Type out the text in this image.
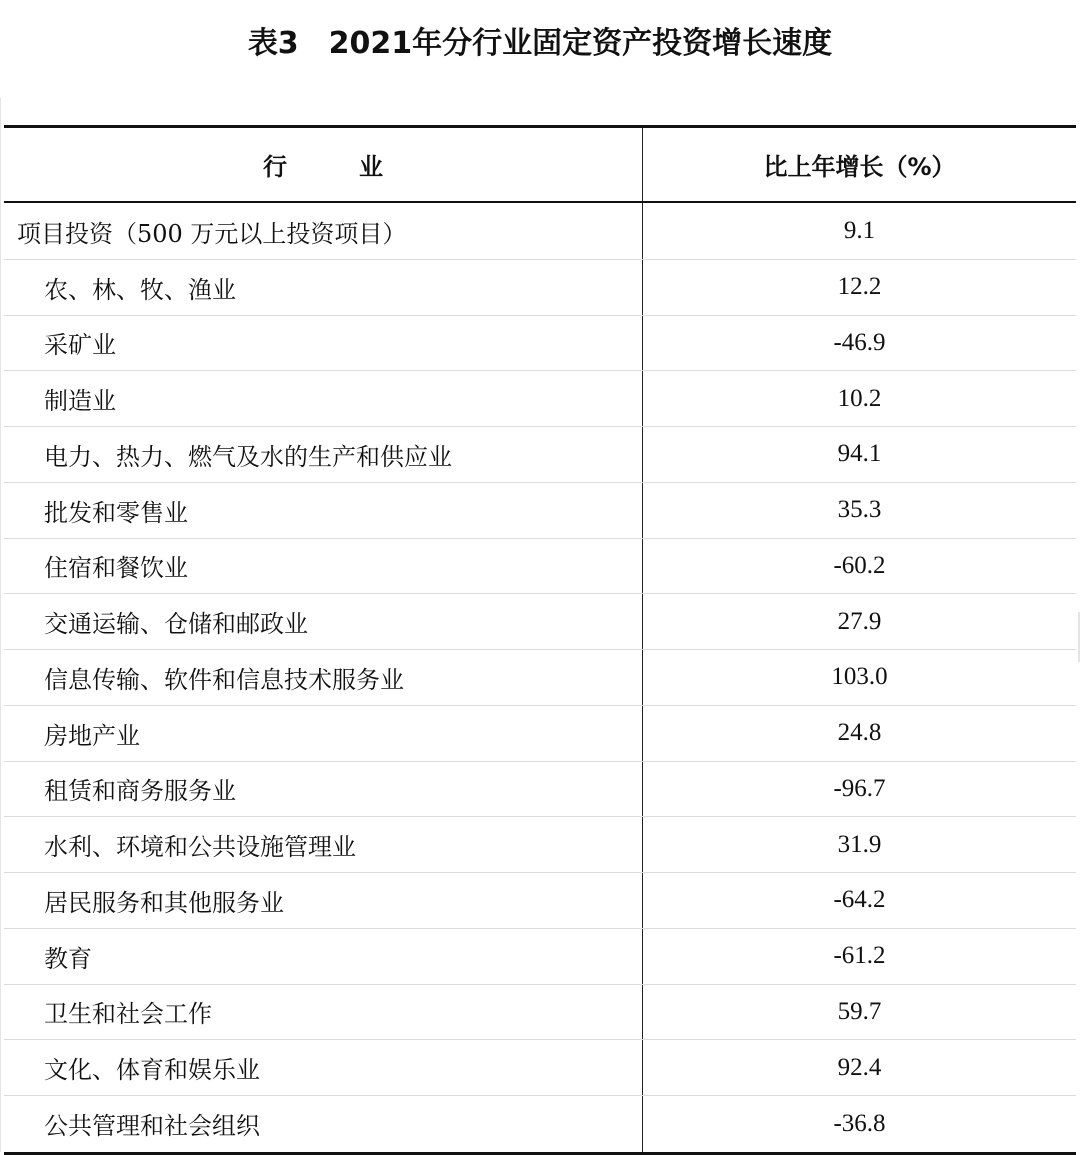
表3　2021年分行业固定资产投资增长速度
行　　　业	比上年增长（%）
项目投资（500 万元以上投资项目）	9.1
农、林、牧、渔业	12.2
采矿业	-46.9
制造业	10.2
电力、热力、燃气及水的生产和供应业	94.1
批发和零售业	35.3
住宿和餐饮业	-60.2
交通运输、仓储和邮政业	27.9
信息传输、软件和信息技术服务业	103.0
房地产业	24.8
租赁和商务服务业	-96.7
水利、环境和公共设施管理业	31.9
居民服务和其他服务业	-64.2
教育	-61.2
卫生和社会工作	59.7
文化、体育和娱乐业	92.4
公共管理和社会组织	-36.8
